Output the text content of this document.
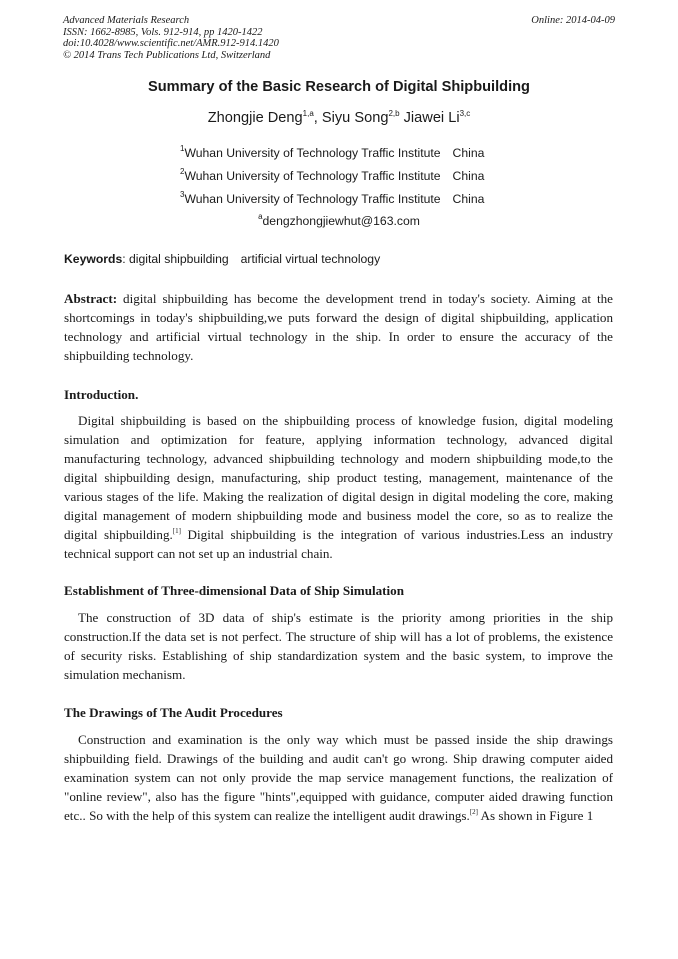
Advanced Materials Research
ISSN: 1662-8985, Vols. 912-914, pp 1420-1422
doi:10.4028/www.scientific.net/AMR.912-914.1420
© 2014 Trans Tech Publications Ltd, Switzerland
Online: 2014-04-09
Summary of the Basic Research of Digital Shipbuilding
Zhongjie Deng$^{1,a}$, Siyu Song$^{2,b}$ Jiawei Li$^{3,c}$
$^1$Wuhan University of Technology Traffic Institute China
$^2$Wuhan University of Technology Traffic Institute China
$^3$Wuhan University of Technology Traffic Institute China
$^a$dengzhongjiewhut@163.com
Keywords: digital shipbuilding artificial virtual technology

Abstract: digital shipbuilding has become the development trend in today's society. Aiming at the shortcomings in today's shipbuilding,we puts forward the design of digital shipbuilding, application technology and artificial virtual technology in the ship. In order to ensure the accuracy of the shipbuilding technology.

Introduction.

Digital shipbuilding is based on the shipbuilding process of knowledge fusion, digital modeling simulation and optimization for feature, applying information technology, advanced digital manufacturing technology, advanced shipbuilding technology and modern shipbuilding mode,to the digital shipbuilding design, manufacturing, ship product testing, management, maintenance of the various stages of the life. Making the realization of digital design in digital modeling the core, making digital management of modern shipbuilding mode and business model the core, so as to realize the digital shipbuilding.[1] Digital shipbuilding is the integration of various industries.Less an industry technical support can not set up an industrial chain.

Establishment of Three-dimensional Data of Ship Simulation

The construction of 3D data of ship's estimate is the priority among priorities in the ship construction.If the data set is not perfect. The structure of ship will has a lot of problems, the existence of security risks. Establishing of ship standardization system and the basic system, to improve the simulation mechanism.

The Drawings of The Audit Procedures

Construction and examination is the only way which must be passed inside the ship drawings shipbuilding field. Drawings of the building and audit can't go wrong. Ship drawing computer aided examination system can not only provide the map service management functions, the realization of "online review", also has the figure "hints",equipped with guidance, computer aided drawing function etc.. So with the help of this system can realize the intelligent audit drawings.[2] As shown in Figure 1
